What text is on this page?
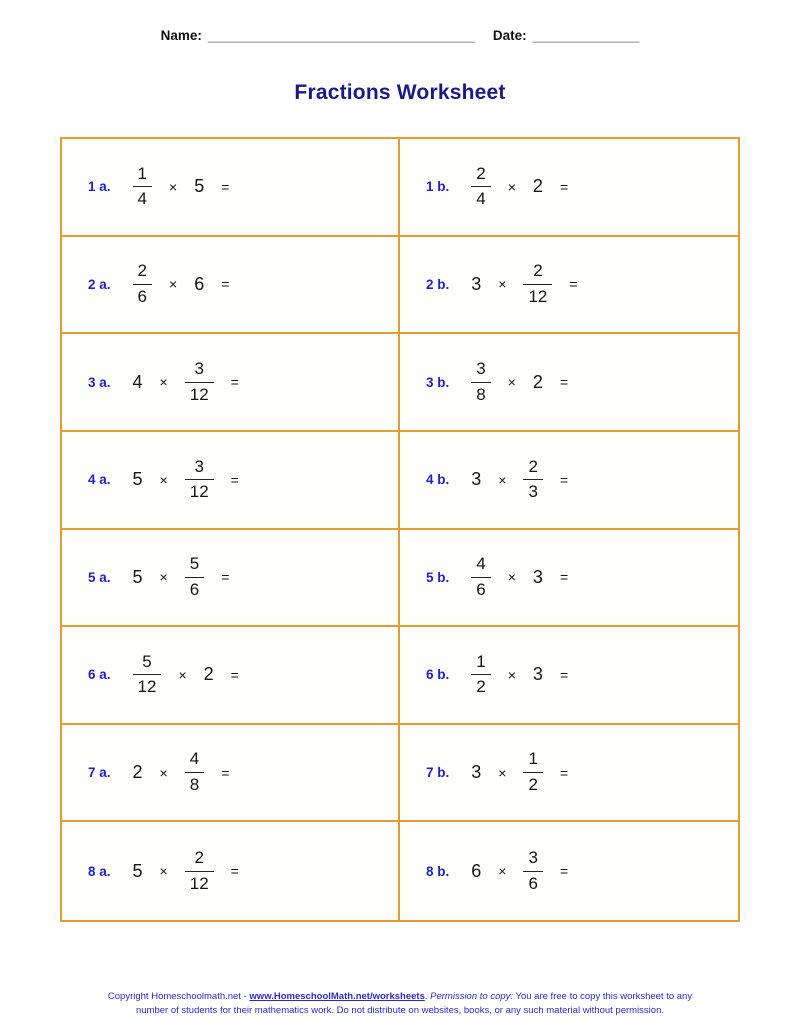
Name: ________________________________________ Date: ________________
Fractions Worksheet
1 a. $\frac{1}{4} \times 5$ =	1 b. $\frac{2}{4} \times 2$ =
2 a. $\frac{2}{6} \times 6$ =	2 b. $3 \times \frac{2}{12}$ =
3 a. $4 \times \frac{3}{12}$ =	3 b. $\frac{3}{8} \times 2$ =
4 a. $5 \times \frac{3}{12}$ =	4 b. $3 \times \frac{2}{3}$ =
5 a. $5 \times \frac{5}{6}$ =	5 b. $\frac{4}{6} \times 3$ =
6 a. $\frac{5}{12} \times 2$ =	6 b. $\frac{1}{2} \times 3$ =
7 a. $2 \times \frac{4}{8}$ =	7 b. $3 \times \frac{1}{2}$ =
8 a. $5 \times \frac{2}{12}$ =	8 b. $6 \times \frac{3}{6}$ =
Copyright Homeschoolmath.net - www.HomeschoolMath.net/worksheets. Permission to copy: You are free to copy this worksheet to any
number of students for their mathematics work. Do not distribute on websites, books, or any such material without permission.
